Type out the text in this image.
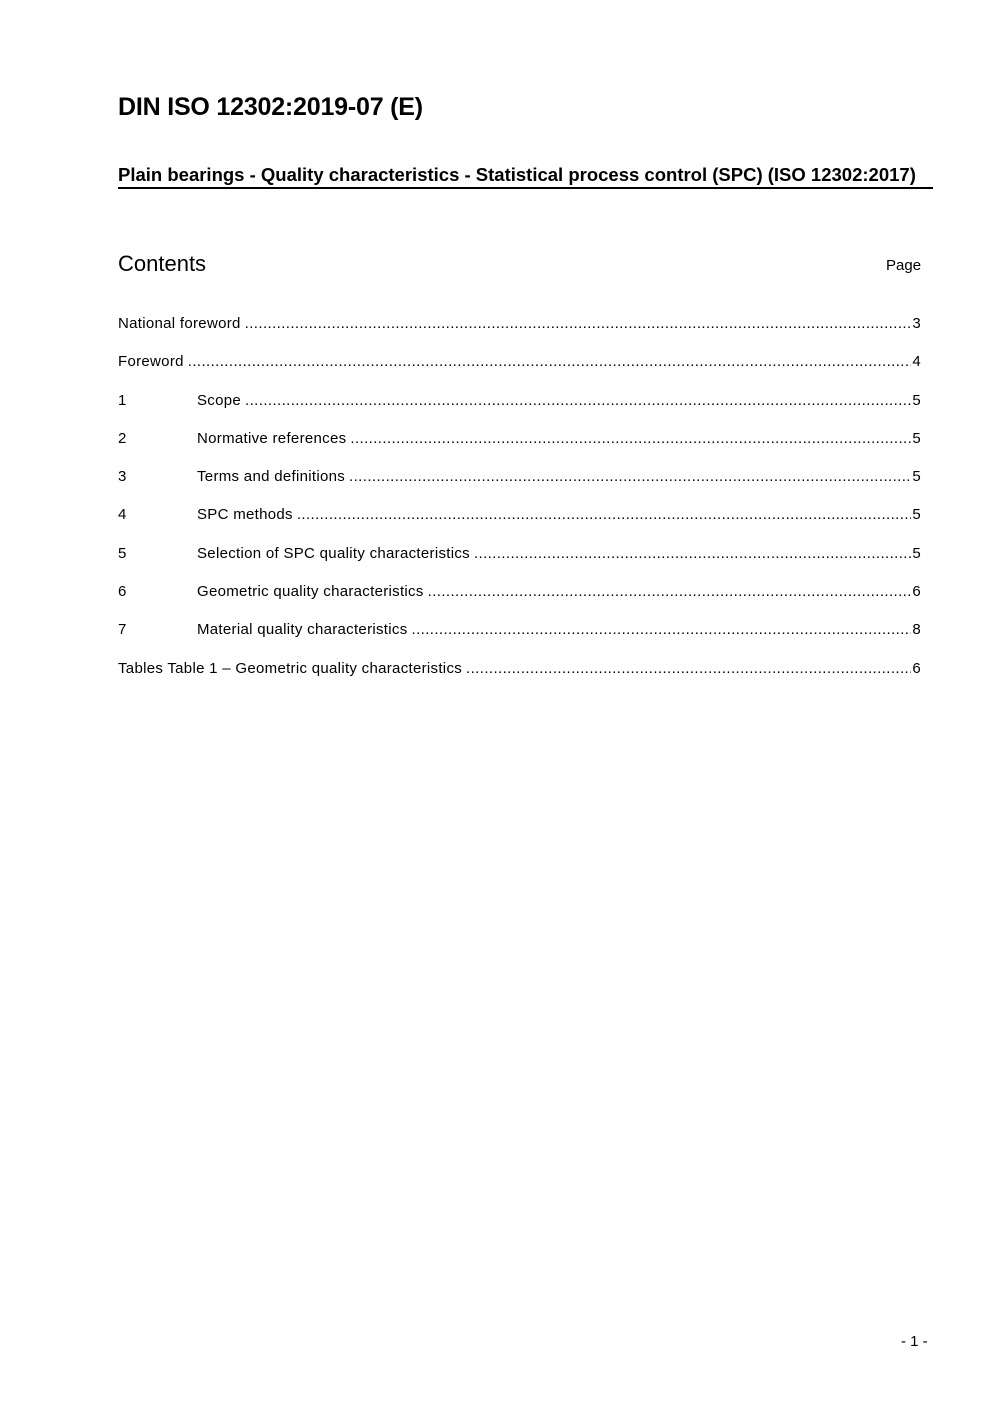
DIN ISO 12302:2019-07 (E)
Plain bearings - Quality characteristics - Statistical process control (SPC) (ISO 12302:2017)
Contents	Page
National foreword .....	3
Foreword .....	4
1	Scope .....	5
2	Normative references .....	5
3	Terms and definitions .....	5
4	SPC methods .....	5
5	Selection of SPC quality characteristics .....	5
6	Geometric quality characteristics .....	6
7	Material quality characteristics .....	8
Tables Table 1 – Geometric quality characteristics .....	6
- 1 -
